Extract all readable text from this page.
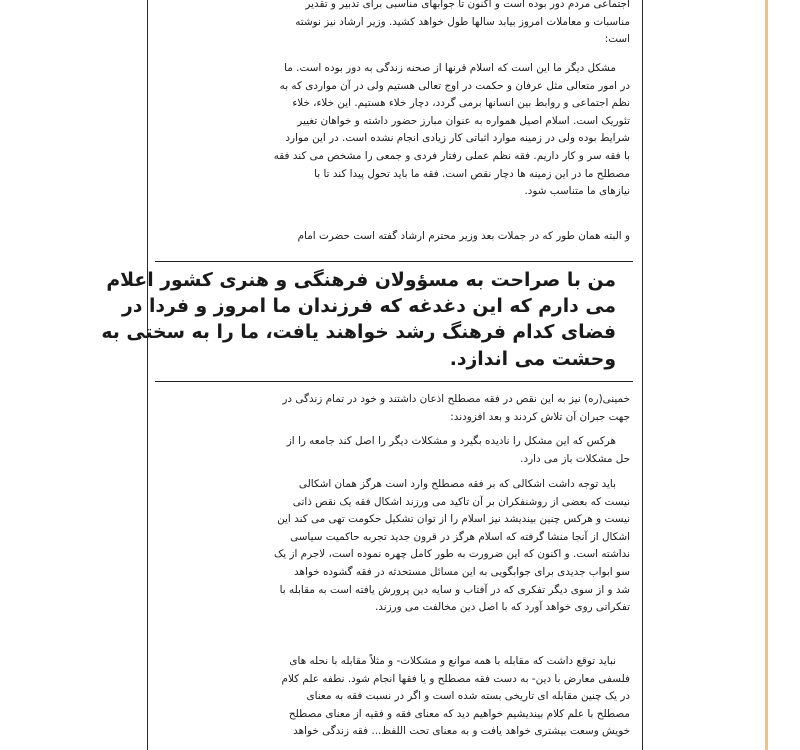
اجتماعی مردم دور بوده است و اکنون تا جوابهای مناسبی برای تدبیر و تقدیر
مناسبات و معاملات امروز بیابد سالها طول خواهد کشید. وزیر ارشاد نیز نوشته
است:
مشکل دیگر ما این است که اسلام قرنها از صحنه زندگی به دور بوده است. ما
در امور متعالی مثل عرفان و حکمت در اوج تعالی هستیم ولی در آن مواردی که به
نظم اجتماعی و روابط بین انسانها برمی گردد، دچار خلاء هستیم. این خلاء، خلاء
تئوریک است. اسلام اصیل همواره به عنوان مبارز حضور داشته و خواهان تغییر
شرایط بوده ولی در زمینه موارد اثباتی کار زیادی انجام نشده است. در این موارد
با فقه سر و کار داریم. فقه نظم عملی رفتار فردی و جمعی را مشخص می کند فقه
مصطلح ما در این زمینه ها دچار نقص است. فقه ما باید تحول پیدا کند تا با
نیازهای ما متناسب شود.
و البته همان طور که در جملات بعد وزیر محترم ارشاد گفته است حضرت امام
من با صراحت به مسؤولان فرهنگی و هنری کشور اعلام
می دارم که این دغدغه که فرزندان ما امروز و فردا در
فضای کدام فرهنگ رشد خواهند یافت، ما را به سختی به
وحشت می اندازد.
خمینی(ره) نیز به این نقص در فقه مصطلح اذعان داشتند و خود در تمام زندگی در
جهت جبران آن تلاش کردند و بعد افزودند:
هرکس که این مشکل را نادیده بگیرد و مشکلات دیگر را اصل کند جامعه را از
حل مشکلات باز می دارد.
باید توجه داشت اشکالی که بر فقه مصطلح وارد است هرگز همان اشکالی
نیست که بعضی از روشنفکران بر آن تاکید می ورزند اشکال فقه یک نقص ذاتی
نیست و هرکس چنین بیندیشد نیز اسلام را از توان تشکیل حکومت تهی می کند این
اشکال از آنجا منشا گرفته که اسلام هرگز در قرون جدید تجربه حاکمیت سیاسی
نداشته است. و اکنون که این ضرورت به طور کامل چهره نموده است، لاجرم از یک
سو ابواب جدیدی برای جوابگویی به این مسائل مستحدثه در فقه گشوده خواهد
شد و از سوی دیگر تفکری که در آفتاب و سایه دین پرورش یافته است به مقابله با
تفکراتی روی خواهد آورد که با اصل دین مخالفت می ورزند.
نباید توقع داشت که مقابله با همه موانع و مشکلات- و مثلاً مقابله با نحله های
فلسفی معارض با دین- به دست فقه مصطلح و یا فقها انجام شود. نطفه علم کلام
در یک چنین مقابله ای تاریخی بسته شده است و اگر در نسبت فقه به معنای
مصطلح با علم کلام بیندیشیم خواهیم دید که معنای فقه و فقیه از معنای مصطلح
خویش وسعت بیشتری خواهد یافت و به معنای تحت اللفظ... فقه زندگی خواهد
